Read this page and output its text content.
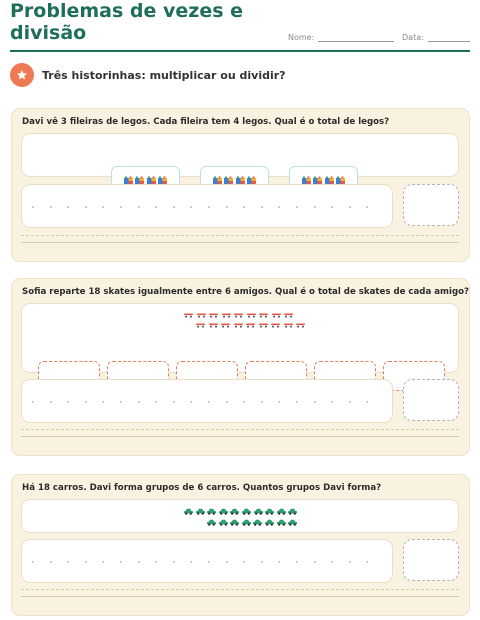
Problemas de vezes e divisão	Nome:	Data:
Três historinhas: multiplicar ou dividir?
Davi vê 3 fileiras de legos. Cada fileira tem 4 legos. Qual é o total de legos?
Sofia reparte 18 skates igualmente entre 6 amigos. Qual é o total de skates de cada amigo?
Há 18 carros. Davi forma grupos de 6 carros. Quantos grupos Davi forma?
